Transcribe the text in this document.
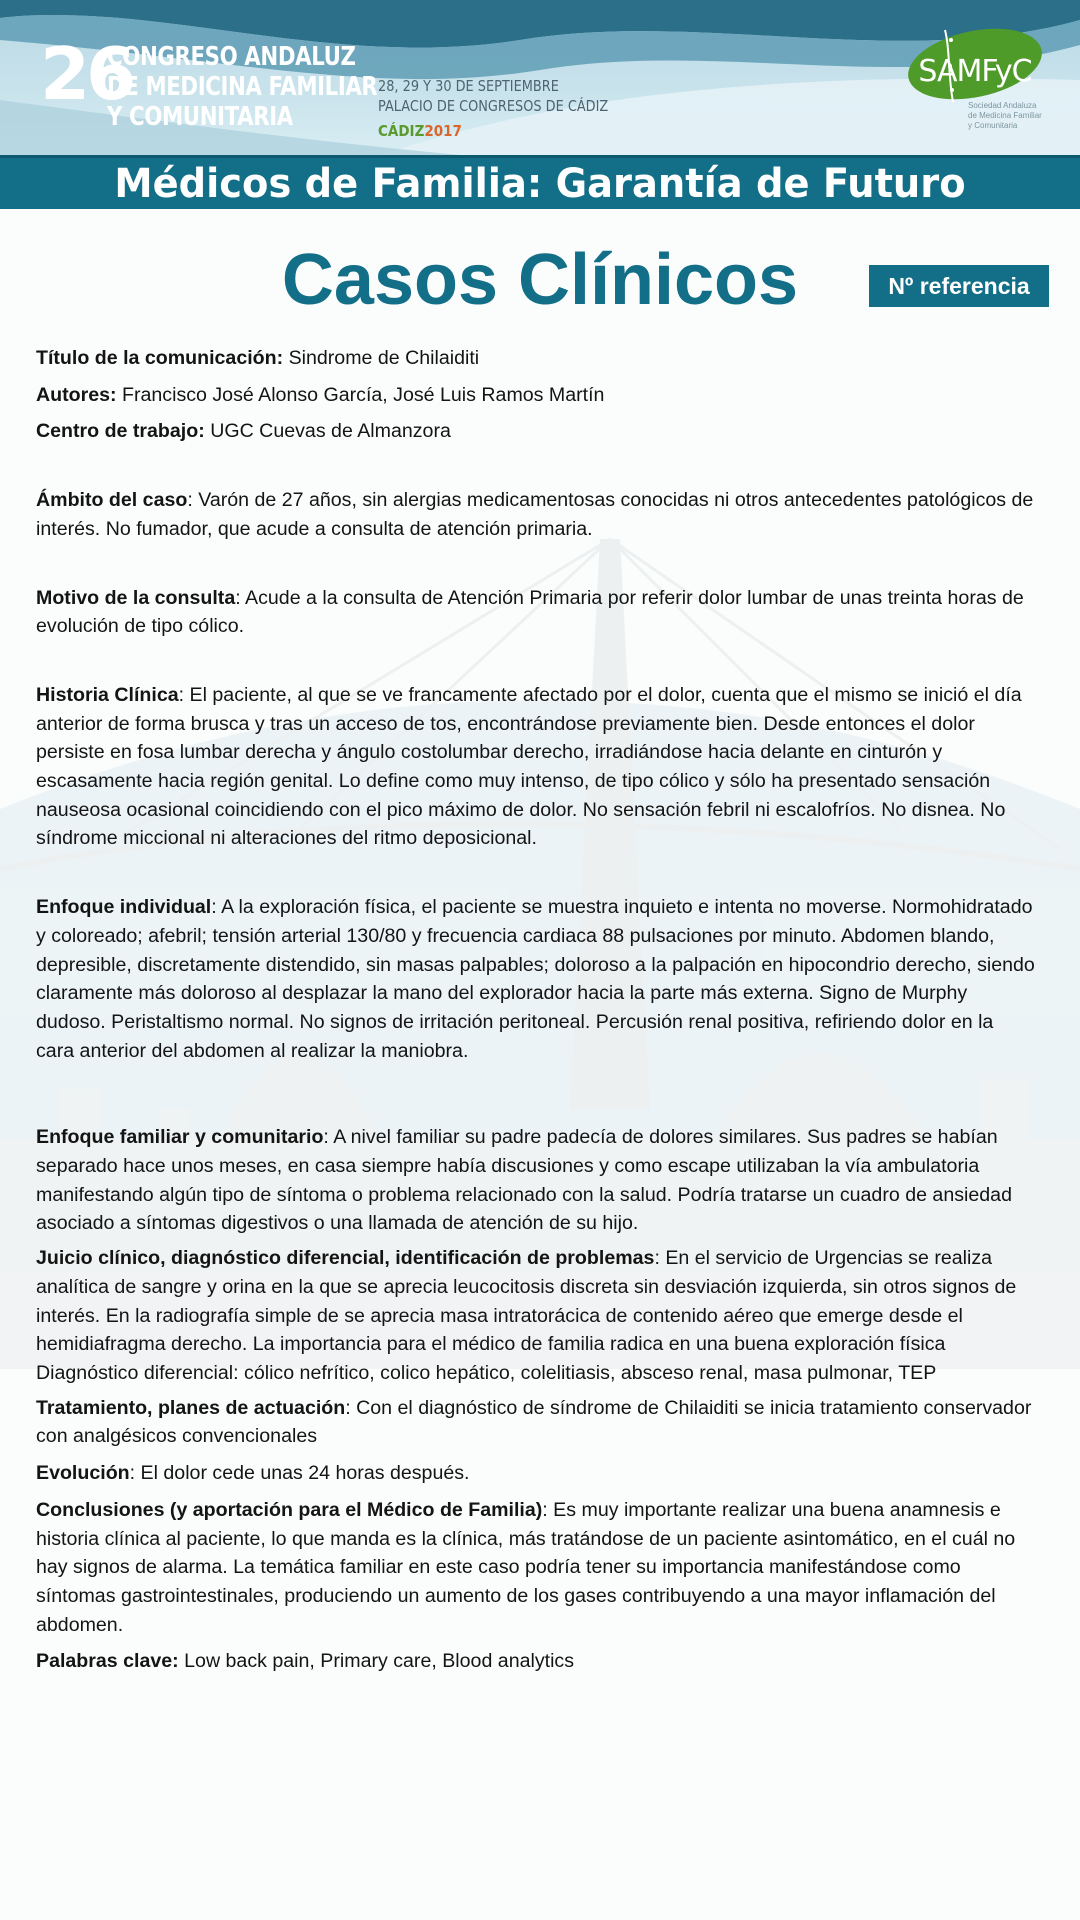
26
CONGRESO ANDALUZ
DE MEDICINA FAMILIAR
Y COMUNITARIA
28, 29 Y 30 DE SEPTIEMBRE
PALACIO DE CONGRESOS DE CÁDIZ
CÁDIZ2017
SAMFyC
Sociedad Andaluza
de Medicina Familiar
y Comunitaria
Médicos de Familia: Garantía de Futuro
Casos Clínicos	Nº referencia

Título de la comunicación: Sindrome de Chilaiditi

Autores: Francisco José Alonso García, José Luis Ramos Martín

Centro de trabajo: UGC Cuevas de Almanzora

Ámbito del caso: Varón de 27 años, sin alergias medicamentosas conocidas ni otros antecedentes patológicos de interés. No fumador, que acude a consulta de atención primaria.

Motivo de la consulta: Acude a la consulta de Atención Primaria por referir dolor lumbar de unas treinta horas de evolución de tipo cólico.

Historia Clínica: El paciente, al que se ve francamente afectado por el dolor, cuenta que el mismo se inició el día anterior de forma brusca y tras un acceso de tos, encontrándose previamente bien. Desde entonces el dolor persiste en fosa lumbar derecha y ángulo costolumbar derecho, irradiándose hacia delante en cinturón y escasamente hacia región genital. Lo define como muy intenso, de tipo cólico y sólo ha presentado sensación nauseosa ocasional coincidiendo con el pico máximo de dolor. No sensación febril ni escalofríos. No disnea. No síndrome miccional ni alteraciones del ritmo deposicional.

Enfoque individual: A la exploración física, el paciente se muestra inquieto e intenta no moverse. Normohidratado y coloreado; afebril; tensión arterial 130/80 y frecuencia cardiaca 88 pulsaciones por minuto. Abdomen blando, depresible, discretamente distendido, sin masas palpables; doloroso a la palpación en hipocondrio derecho, siendo claramente más doloroso al desplazar la mano del explorador hacia la parte más externa. Signo de Murphy dudoso. Peristaltismo normal. No signos de irritación peritoneal. Percusión renal positiva, refiriendo dolor en la cara anterior del abdomen al realizar la maniobra.

Enfoque familiar y comunitario: A nivel familiar su padre padecía de dolores similares. Sus padres se habían separado hace unos meses, en casa siempre había discusiones y como escape utilizaban la vía ambulatoria manifestando algún tipo de síntoma o problema relacionado con la salud. Podría tratarse un cuadro de ansiedad asociado a síntomas digestivos o una llamada de atención de su hijo.

Juicio clínico, diagnóstico diferencial, identificación de problemas: En el servicio de Urgencias se realiza analítica de sangre y orina en la que se aprecia leucocitosis discreta sin desviación izquierda, sin otros signos de interés. En la radiografía simple de se aprecia masa intratorácica de contenido aéreo que emerge desde el hemidiafragma derecho. La importancia para el médico de familia radica en una buena exploración física Diagnóstico diferencial: cólico nefrítico, colico hepático, colelitiasis, absceso renal, masa pulmonar, TEP

Tratamiento, planes de actuación: Con el diagnóstico de síndrome de Chilaiditi se inicia tratamiento conservador con analgésicos convencionales

Evolución: El dolor cede unas 24 horas después.

Conclusiones (y aportación para el Médico de Familia): Es muy importante realizar una buena anamnesis e historia clínica al paciente, lo que manda es la clínica, más tratándose de un paciente asintomático, en el cuál no hay signos de alarma. La temática familiar en este caso podría tener su importancia manifestándose como síntomas gastrointestinales, produciendo un aumento de los gases contribuyendo a una mayor inflamación del abdomen.

Palabras clave: Low back pain, Primary care, Blood analytics
